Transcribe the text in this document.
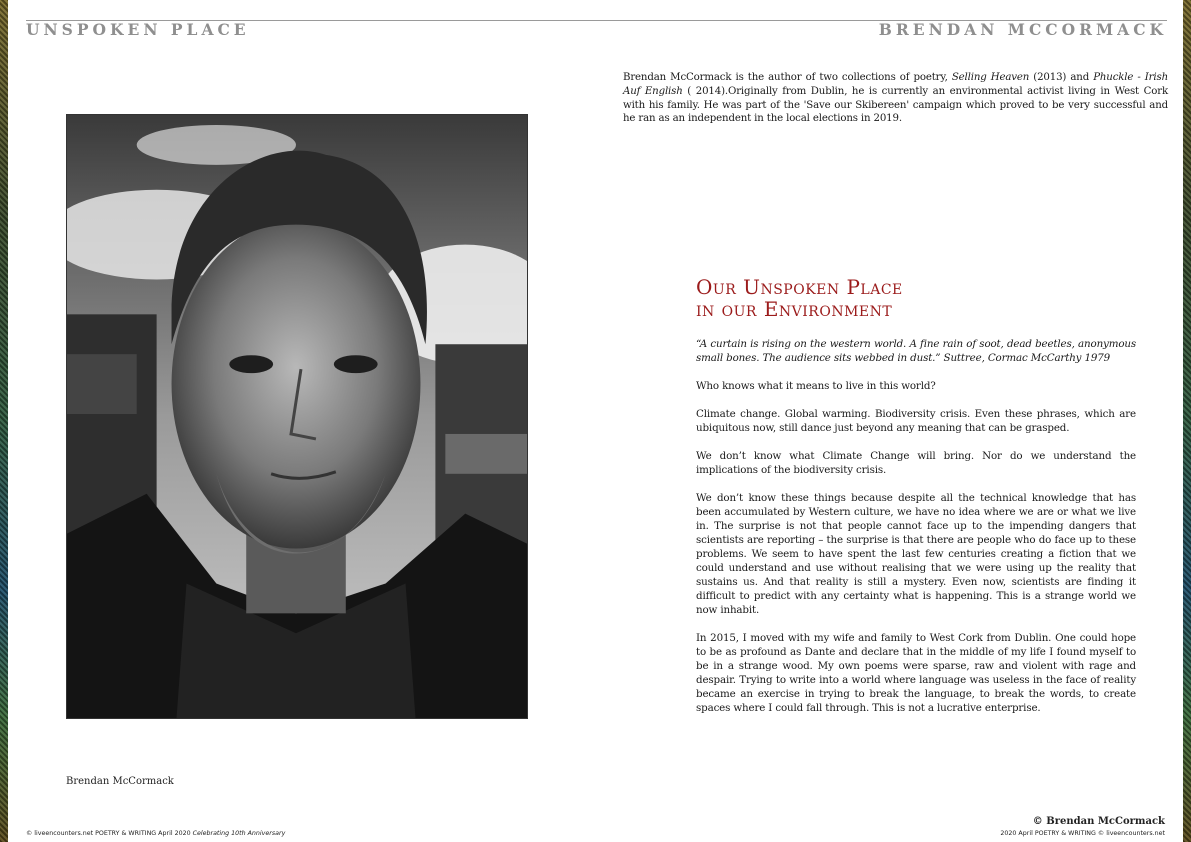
UNSPOKEN PLACE	BRENDAN MCCORMACK
Brendan McCormack
Brendan McCormack is the author of two collections of poetry, Selling Heaven (2013) and Phuckle - Irish Auf English ( 2014).Originally from Dublin, he is currently an environmental activist living in West Cork with his family. He was part of the 'Save our Skibereen' campaign which proved to be very successful and he ran as an independent in the local elections in 2019.
Our Unspoken Place
in our Environment

“A curtain is rising on the western world. A fine rain of soot, dead beetles, anonymous small bones. The audience sits webbed in dust.” Suttree, Cormac McCarthy 1979

Who knows what it means to live in this world?

Climate change. Global warming. Biodiversity crisis. Even these phrases, which are ubiquitous now, still dance just beyond any meaning that can be grasped.

We don’t know what Climate Change will bring. Nor do we understand the implications of the biodiversity crisis.

We don’t know these things because despite all the technical knowledge that has been accumulated by Western culture, we have no idea where we are or what we live in. The surprise is not that people cannot face up to the impending dangers that scientists are reporting – the surprise is that there are people who do face up to these problems. We seem to have spent the last few centuries creating a fiction that we could understand and use without realising that we were using up the reality that sustains us. And that reality is still a mystery. Even now, scientists are finding it difficult to predict with any certainty what is happening. This is a strange world we now inhabit.

In 2015, I moved with my wife and family to West Cork from Dublin. One could hope to be as profound as Dante and declare that in the middle of my life I found myself to be in a strange wood. My own poems were sparse, raw and violent with rage and despair. Trying to write into a world where language was useless in the face of reality became an exercise in trying to break the language, to break the words, to create spaces where I could fall through. This is not a lucrative enterprise.

© Brendan McCormack
© liveencounters.net POETRY & WRITING April 2020 Celebrating 10th Anniversary	2020 April POETRY & WRITING © liveencounters.net
